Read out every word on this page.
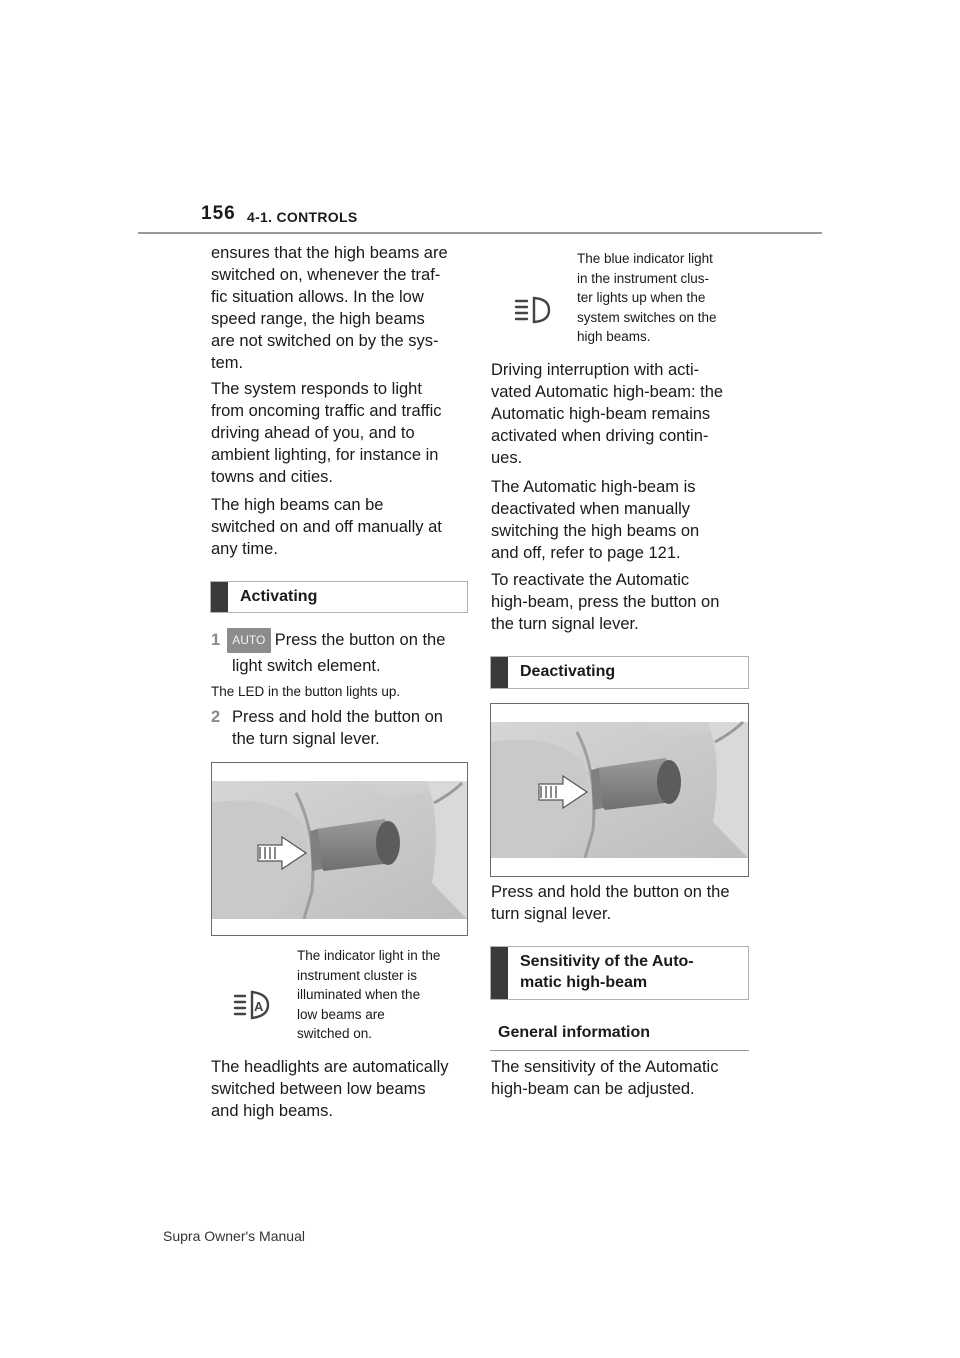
156 4-1. CONTROLS
ensures that the high beams are
switched on, whenever the traf-
fic situation allows. In the low
speed range, the high beams
are not switched on by the sys-
tem.
The system responds to light
from oncoming traffic and traffic
driving ahead of you, and to
ambient lighting, for instance in
towns and cities.
The high beams can be
switched on and off manually at
any time.
Activating
1 AUTO Press the button on the
light switch element.
The LED in the button lights up.
2 Press and hold the button on
the turn signal lever.
A
The indicator light in the
instrument cluster is
illuminated when the
low beams are
switched on.
The headlights are automatically
switched between low beams
and high beams.
The blue indicator light
in the instrument clus-
ter lights up when the
system switches on the
high beams.
Driving interruption with acti-
vated Automatic high-beam: the
Automatic high-beam remains
activated when driving contin-
ues.
The Automatic high-beam is
deactivated when manually
switching the high beams on
and off, refer to page 121.
To reactivate the Automatic
high-beam, press the button on
the turn signal lever.
Deactivating
Press and hold the button on the
turn signal lever.
Sensitivity of the Auto-
matic high-beam
General information
The sensitivity of the Automatic
high-beam can be adjusted.
Supra Owner's Manual
